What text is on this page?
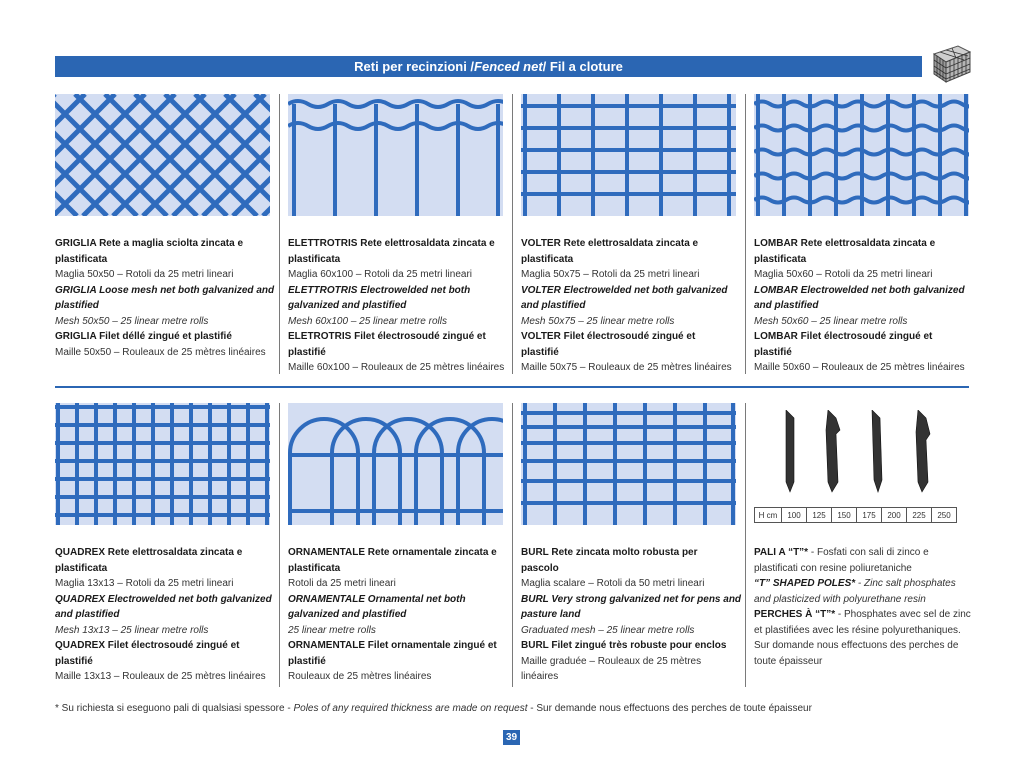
Reti per recinzioni / Fenced net / Fil a cloture
GRIGLIA Rete a maglia sciolta zincata e
plastificata
Maglia 50x50 – Rotoli da 25 metri lineari
GRIGLIA Loose mesh net both galvanized and
plastified
Mesh 50x50 – 25 linear metre rolls
GRIGLIA Filet déllé zingué et plastifié
Maille 50x50 – Rouleaux de 25 mètres linéaires
ELETTROTRIS Rete elettrosaldata zincata e
plastificata
Maglia 60x100 – Rotoli da 25 metri lineari
ELETTROTRIS Electrowelded net both
galvanized and plastified
Mesh 60x100 – 25 linear metre rolls
ELETROTRIS Filet électrosoudé zingué et
plastifié
Maille 60x100 – Rouleaux de 25 mètres linéaires
VOLTER Rete elettrosaldata zincata e
plastificata
Maglia 50x75 – Rotoli da 25 metri lineari
VOLTER Electrowelded net both galvanized
and plastified
Mesh 50x75 – 25 linear metre rolls
VOLTER Filet électrosoudé zingué et
plastifié
Maille 50x75 – Rouleaux de 25 mètres linéaires
LOMBAR Rete elettrosaldata zincata e
plastificata
Maglia 50x60 – Rotoli da 25 metri lineari
LOMBAR Electrowelded net both galvanized
and plastified
Mesh 50x60 – 25 linear metre rolls
LOMBAR Filet électrosoudé zingué et
plastifié
Maille 50x60 – Rouleaux de 25 mètres linéaires
H cm	100	125	150	175	200	225	250
QUADREX Rete elettrosaldata zincata e
plastificata
Maglia 13x13 – Rotoli da 25 metri lineari
QUADREX Electrowelded net both galvanized
and plastified
Mesh 13x13 – 25 linear metre rolls
QUADREX Filet électrosoudé zingué et
plastifié
Maille 13x13 – Rouleaux de 25 mètres linéaires
ORNAMENTALE Rete ornamentale zincata e
plastificata
Rotoli da 25 metri lineari
ORNAMENTALE Ornamental net both
galvanized and plastified
25 linear metre rolls
ORNAMENTALE Filet ornamentale zingué et
plastifié
Rouleaux de 25 mètres linéaires
BURL Rete zincata molto robusta per
pascolo
Maglia scalare – Rotoli da 50 metri lineari
BURL Very strong galvanized net for pens and
pasture land
Graduated mesh – 25 linear metre rolls
BURL Filet zingué très robuste pour enclos
Maille graduée – Rouleaux de 25 mètres
linéaires
PALI A “T”* - Fosfati con sali di zinco e
plastificati con resine poliuretaniche
“T” SHAPED POLES* - Zinc salt phosphates
and plasticized with polyurethane resin
PERCHES À “T”* - Phosphates avec sel de zinc
et plastifiées avec les résine polyurethaniques.
Sur domande nous effectuons des perches de
toute épaisseur
* Su richiesta si eseguono pali di qualsiasi spessore - Poles of any required thickness are made on request - Sur demande nous effectuons des perches de toute épaisseur
39
